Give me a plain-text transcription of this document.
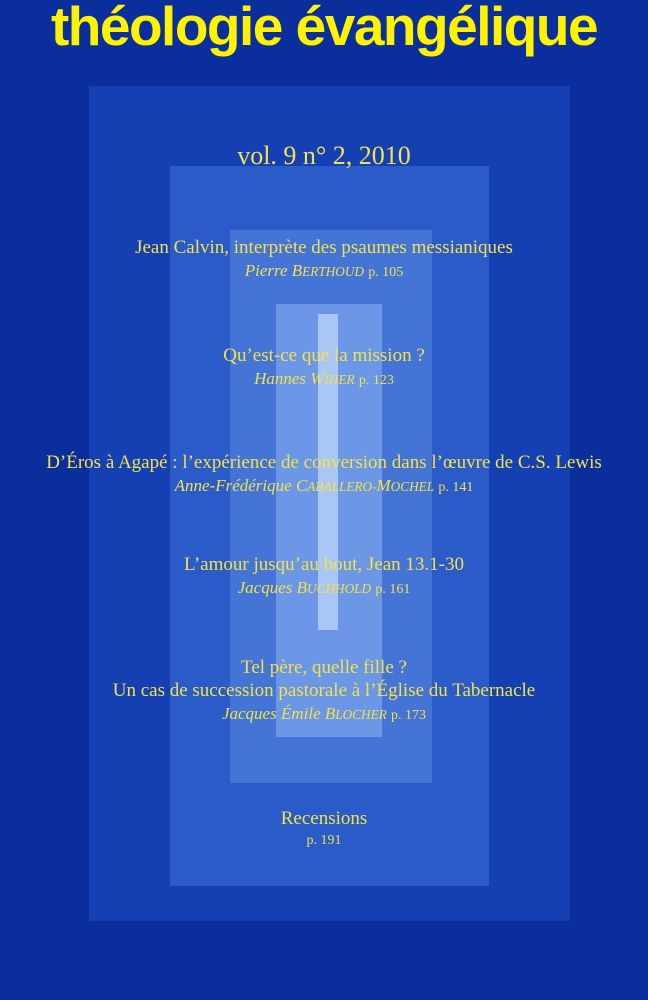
théologie évangélique

vol. 9 n° 2, 2010

Jean Calvin, interprète des psaumes messianiques
Pierre BERTHOUD p. 105
Qu’est-ce que la mission ?
Hannes WIHER p. 123
D’Éros à Agapé : l’expérience de conversion dans l’œuvre de C.S. Lewis
Anne-Frédérique CABALLERO-MOCHEL p. 141
L’amour jusqu’au bout, Jean 13.1-30
Jacques BUCHHOLD p. 161
Tel père, quelle fille ?
Un cas de succession pastorale à l’Église du Tabernacle
Jacques Émile BLOCHER p. 173
Recensions
p. 191
